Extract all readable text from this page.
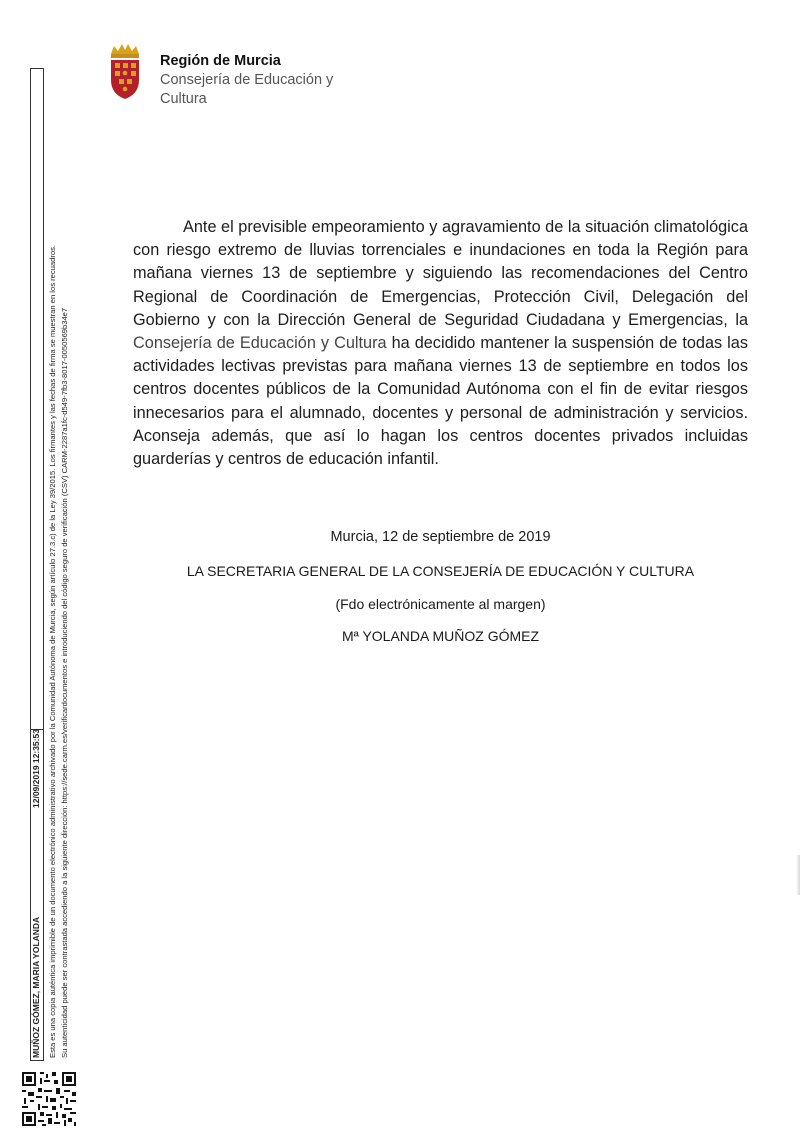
Región de Murcia
Consejería de Educación y
Cultura

Ante el previsible empeoramiento y agravamiento de la situación climatológica con riesgo extremo de lluvias torrenciales e inundaciones en toda la Región para mañana viernes 13 de septiembre y siguiendo las recomendaciones del Centro Regional de Coordinación de Emergencias, Protección Civil, Delegación del Gobierno y con la Dirección General de Seguridad Ciudadana y Emergencias, la Consejería de Educación y Cultura ha decidido mantener la suspensión de todas las actividades lectivas previstas para mañana viernes 13 de septiembre en todos los centros docentes públicos de la Comunidad Autónoma con el fin de evitar riesgos innecesarios para el alumnado, docentes y personal de administración y servicios. Aconseja además, que así lo hagan los centros docentes privados incluidas guarderías y centros de educación infantil.

Murcia, 12 de septiembre de 2019
LA SECRETARIA GENERAL DE LA CONSEJERÍA DE EDUCACIÓN Y CULTURA
(Fdo electrónicamente al margen)
Mª YOLANDA MUÑOZ GÓMEZ
MUÑOZ GÓMEZ, MARIA YOLANDA
12/09/2019 12:35:53 Esta es una copia auténtica imprimible de un documento electrónico administrativo archivado por la Comunidad Autónoma de Murcia, según artículo 27.3.c) de la Ley 39/2015. Los firmantes y las fechas de firma se muestran en los recuadros. Su autenticidad puede ser contrastada accediendo a la siguiente dirección: https://sede.carm.es/verificardocumentos e introduciendo del código seguro de verificación (CSV) CARM-2287a1fc-d549-7fb3-8017-0050569b34e7
